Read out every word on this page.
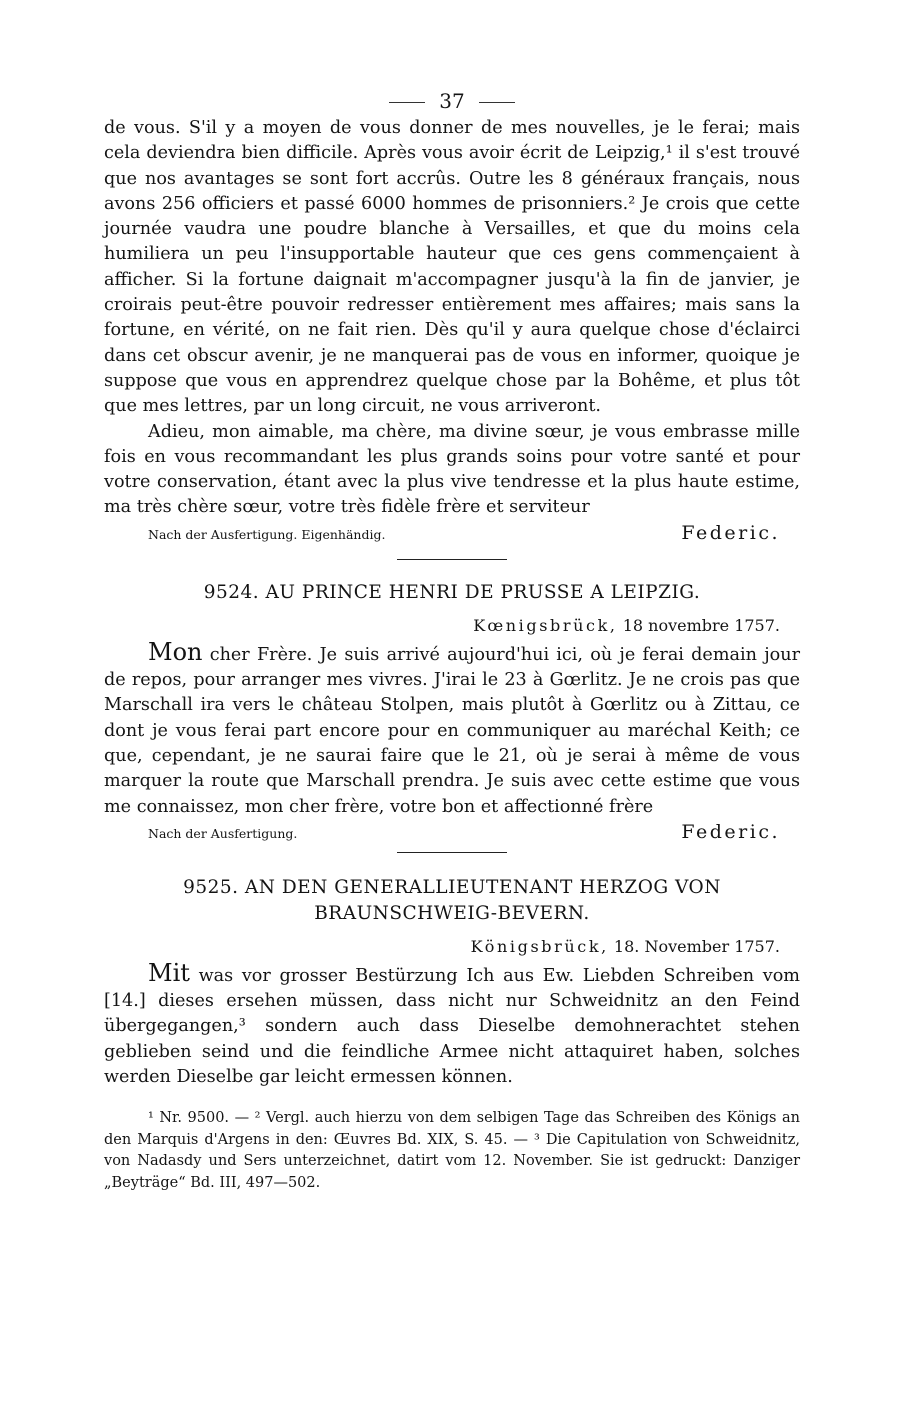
37

de vous. S'il y a moyen de vous donner de mes nouvelles, je le ferai; mais cela deviendra bien difficile. Après vous avoir écrit de Leipzig,¹ il s'est trouvé que nos avantages se sont fort accrûs. Outre les 8 généraux français, nous avons 256 officiers et passé 6000 hommes de prisonniers.² Je crois que cette journée vaudra une poudre blanche à Versailles, et que du moins cela humiliera un peu l'insupportable hauteur que ces gens commençaient à afficher. Si la fortune daignait m'accompagner jusqu'à la fin de janvier, je croirais peut-être pouvoir redresser entièrement mes affaires; mais sans la fortune, en vérité, on ne fait rien. Dès qu'il y aura quelque chose d'éclairci dans cet obscur avenir, je ne manquerai pas de vous en informer, quoique je suppose que vous en apprendrez quelque chose par la Bohême, et plus tôt que mes lettres, par un long circuit, ne vous arriveront.

Adieu, mon aimable, ma chère, ma divine sœur, je vous embrasse mille fois en vous recommandant les plus grands soins pour votre santé et pour votre conservation, étant avec la plus vive tendresse et la plus haute estime, ma très chère sœur, votre très fidèle frère et serviteur

Nach der Ausfertigung. Eigenhändig.	Federic.
9524. AU PRINCE HENRI DE PRUSSE A LEIPZIG.
Kœnigsbrück, 18 novembre 1757.

Mon cher Frère. Je suis arrivé aujourd'hui ici, où je ferai demain jour de repos, pour arranger mes vivres. J'irai le 23 à Gœrlitz. Je ne crois pas que Marschall ira vers le château Stolpen, mais plutôt à Gœrlitz ou à Zittau, ce dont je vous ferai part encore pour en communiquer au maréchal Keith; ce que, cependant, je ne saurai faire que le 21, où je serai à même de vous marquer la route que Marschall prendra. Je suis avec cette estime que vous me connaissez, mon cher frère, votre bon et affectionné frère

Nach der Ausfertigung.	Federic.
9525. AN DEN GENERALLIEUTENANT HERZOG VON BRAUNSCHWEIG-BEVERN.
Königsbrück, 18. November 1757.

Mit was vor grosser Bestürzung Ich aus Ew. Liebden Schreiben vom [14.] dieses ersehen müssen, dass nicht nur Schweidnitz an den Feind übergegangen,³ sondern auch dass Dieselbe demohnerachtet stehen geblieben seind und die feindliche Armee nicht attaquiret haben, solches werden Dieselbe gar leicht ermessen können.

¹ Nr. 9500. — ² Vergl. auch hierzu von dem selbigen Tage das Schreiben des Königs an den Marquis d'Argens in den: Œuvres Bd. XIX, S. 45. — ³ Die Capitulation von Schweidnitz, von Nadasdy und Sers unterzeichnet, datirt vom 12. November. Sie ist gedruckt: Danziger „Beyträge“ Bd. III, 497—502.
